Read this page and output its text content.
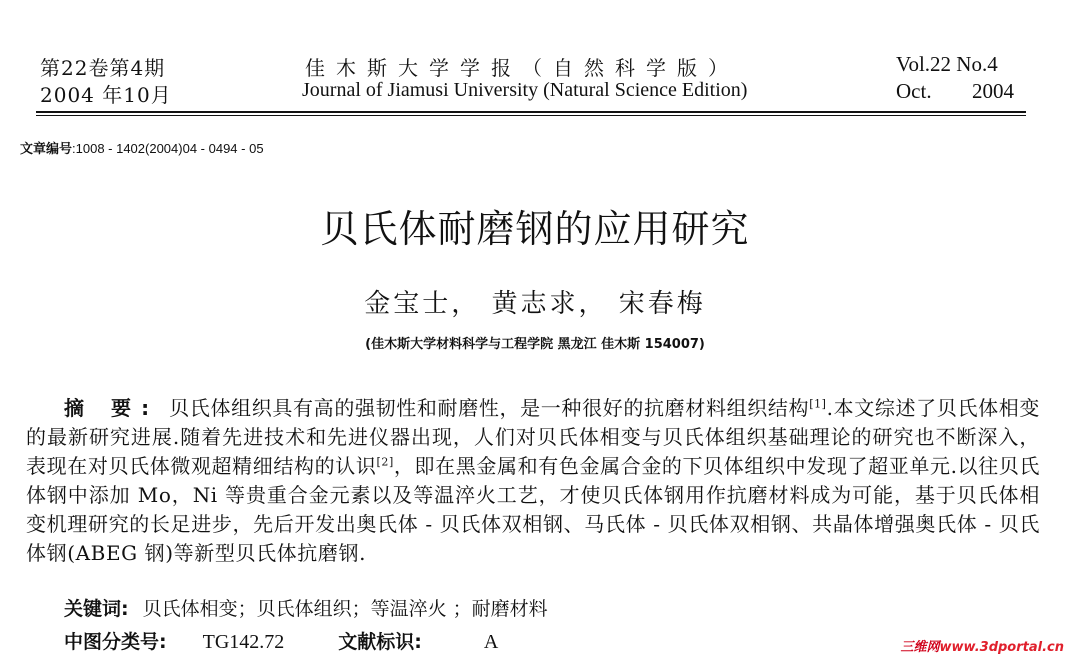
第22卷第4期
2004 年10月
佳木斯大学学报（自然科学版）
Journal of Jiamusi University (Natural Science Edition)
Vol.22 No.4
Oct. 2004
文章编号:1008 - 1402(2004)04 - 0494 - 05
贝氏体耐磨钢的应用研究
金宝士， 黄志求， 宋春梅
(佳木斯大学材料科学与工程学院 黑龙江 佳木斯 154007)
摘 要: 贝氏体组织具有高的强韧性和耐磨性，是一种很好的抗磨材料组织结构[1].本文综述了贝氏体相变的最新研究进展.随着先进技术和先进仪器出现，人们对贝氏体相变与贝氏体组织基础理论的研究也不断深入，表现在对贝氏体微观超精细结构的认识[2]，即在黑金属和有色金属合金的下贝体组织中发现了超亚单元.以往贝氏体钢中添加 Mo，Ni 等贵重合金元素以及等温淬火工艺，才使贝氏体钢用作抗磨材料成为可能，基于贝氏体相变机理研究的长足进步，先后开发出奥氏体 - 贝氏体双相钢、马氏体 - 贝氏体双相钢、共晶体增强奥氏体 - 贝氏体钢(ABEG 钢)等新型贝氏体抗磨钢.
关键词: 贝氏体相变；贝氏体组织；等温淬火 ；耐磨材料
中图分类号: TG142.72	文献标识:	A	三维网www.3dportal.cn
